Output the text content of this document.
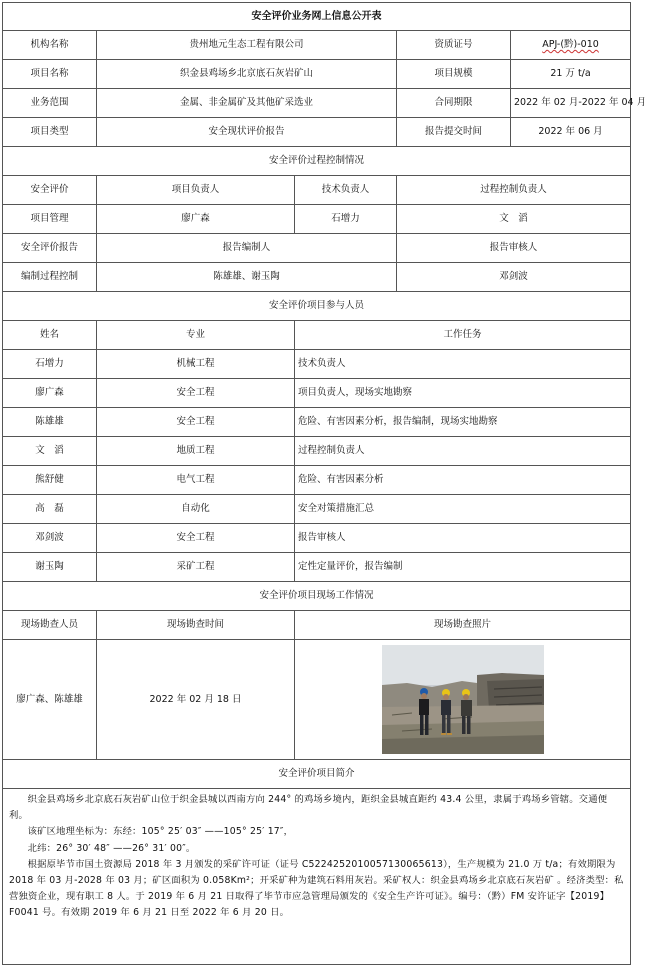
安全评价业务网上信息公开表				
机构名称	贵州地元生态工程有限公司		资质证号	APJ-(黔)-010
项目名称	织金县鸡场乡北京底石灰岩矿山		项目规模	21 万 t/a
业务范围	金属、非金属矿及其他矿采选业		合同期限	2022 年 02 月-2022 年 04 月
项目类型	安全现状评价报告		报告提交时间	2022 年 06 月
安全评价过程控制情况				
安全评价	项目负责人	技术负责人	过程控制负责人	
项目管理	廖广森	石增力	文　滔	
安全评价报告	报告编制人		报告审核人	
编制过程控制	陈雄雄、谢玉陶		邓剑波	
安全评价项目参与人员				
姓名	专业	工作任务		
石增力	机械工程	技术负责人		
廖广森	安全工程	项目负责人，现场实地勘察		
陈雄雄	安全工程	危险、有害因素分析，报告编制，现场实地勘察		
文　滔	地质工程	过程控制负责人		
熊舒健	电气工程	危险、有害因素分析		
高　磊	自动化	安全对策措施汇总		
邓剑波	安全工程	报告审核人		
谢玉陶	采矿工程	定性定量评价，报告编制		
安全评价项目现场工作情况				
现场勘查人员	现场勘查时间	现场勘查照片		
廖广森、陈雄雄	2022 年 02 月 18 日	

安全评价项目简介				

织金县鸡场乡北京底石灰岩矿山位于织金县城以西南方向 244° 的鸡场乡境内，距织金县城直距约 43.4 公里，隶属于鸡场乡管辖。交通便利。

该矿区地理坐标为：东经：105° 25′ 03″ ——105° 25′ 17″，

北纬：26° 30′ 48″ ——26° 31′ 00″。

根据原毕节市国土资源局 2018 年 3 月颁发的采矿许可证（证号 C5224252010057130065613），生产规模为 21.0 万 t/a；有效期限为 2018 年 03 月-2028 年 03 月；矿区面积为 0.058Km²；开采矿种为建筑石料用灰岩。采矿权人：织金县鸡场乡北京底石灰岩矿 。经济类型：私营独资企业，现有职工 8 人。于 2019 年 6 月 21 日取得了毕节市应急管理局颁发的《安全生产许可证》。编号：（黔）FM 安许证字【2019】F0041 号。有效期 2019 年 6 月 21 日至 2022 年 6 月 20 日。				
